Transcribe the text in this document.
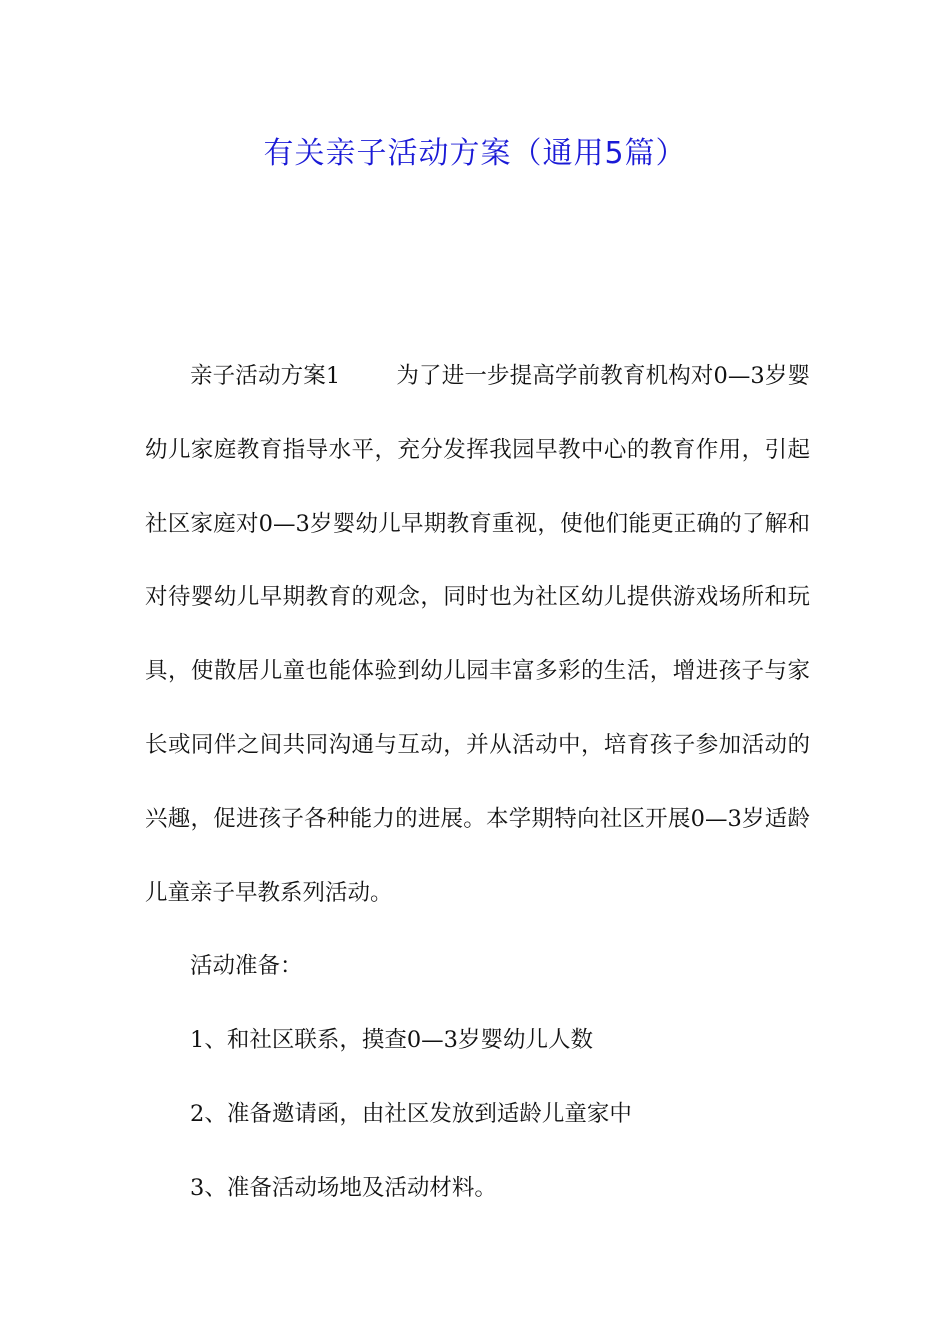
有关亲子活动方案（通用5篇）

亲子活动方案1 为了进一步提高学前教育机构对0—3岁婴幼儿家庭教育指导水平，充分发挥我园早教中心的教育作用，引起社区家庭对0—3岁婴幼儿早期教育重视，使他们能更正确的了解和对待婴幼儿早期教育的观念，同时也为社区幼儿提供游戏场所和玩具，使散居儿童也能体验到幼儿园丰富多彩的生活，增进孩子与家长或同伴之间共同沟通与互动，并从活动中，培育孩子参加活动的兴趣，促进孩子各种能力的进展。本学期特向社区开展0—3岁适龄儿童亲子早教系列活动。

活动准备：

1、和社区联系，摸查0—3岁婴幼儿人数

2、准备邀请函，由社区发放到适龄儿童家中

3、准备活动场地及活动材料。
